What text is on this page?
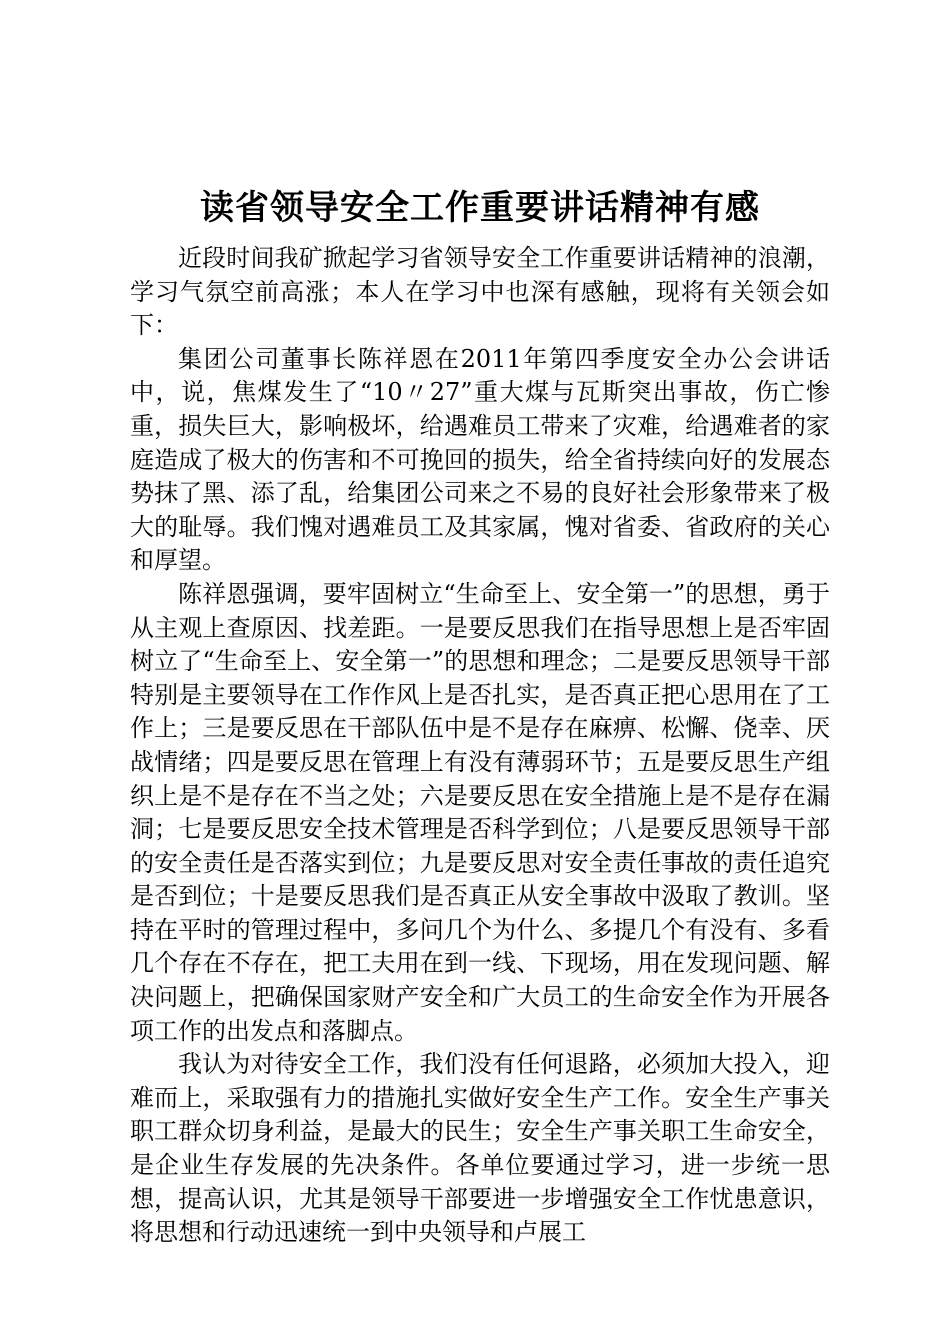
读省领导安全工作重要讲话精神有感

近段时间我矿掀起学习省领导安全工作重要讲话精神的浪潮，学习气氛空前高涨；本人在学习中也深有感触，现将有关领会如下：

集团公司董事长陈祥恩在2011年第四季度安全办公会讲话中，说，焦煤发生了“10〃27”重大煤与瓦斯突出事故，伤亡惨重，损失巨大，影响极坏，给遇难员工带来了灾难，给遇难者的家庭造成了极大的伤害和不可挽回的损失，给全省持续向好的发展态势抹了黑、添了乱，给集团公司来之不易的良好社会形象带来了极大的耻辱。我们愧对遇难员工及其家属，愧对省委、省政府的关心和厚望。

陈祥恩强调，要牢固树立“生命至上、安全第一”的思想，勇于从主观上查原因、找差距。一是要反思我们在指导思想上是否牢固树立了“生命至上、安全第一”的思想和理念；二是要反思领导干部特别是主要领导在工作作风上是否扎实，是否真正把心思用在了工作上；三是要反思在干部队伍中是不是存在麻痹、松懈、侥幸、厌战情绪；四是要反思在管理上有没有薄弱环节；五是要反思生产组织上是不是存在不当之处；六是要反思在安全措施上是不是存在漏洞；七是要反思安全技术管理是否科学到位；八是要反思领导干部的安全责任是否落实到位；九是要反思对安全责任事故的责任追究是否到位；十是要反思我们是否真正从安全事故中汲取了教训。坚持在平时的管理过程中，多问几个为什么、多提几个有没有、多看几个存在不存在，把工夫用在到一线、下现场，用在发现问题、解决问题上，把确保国家财产安全和广大员工的生命安全作为开展各项工作的出发点和落脚点。

我认为对待安全工作，我们没有任何退路，必须加大投入，迎难而上，采取强有力的措施扎实做好安全生产工作。安全生产事关职工群众切身利益，是最大的民生；安全生产事关职工生命安全，是企业生存发展的先决条件。各单位要通过学习，进一步统一思想，提高认识，尤其是领导干部要进一步增强安全工作忧患意识，将思想和行动迅速统一到中央领导和卢展工
